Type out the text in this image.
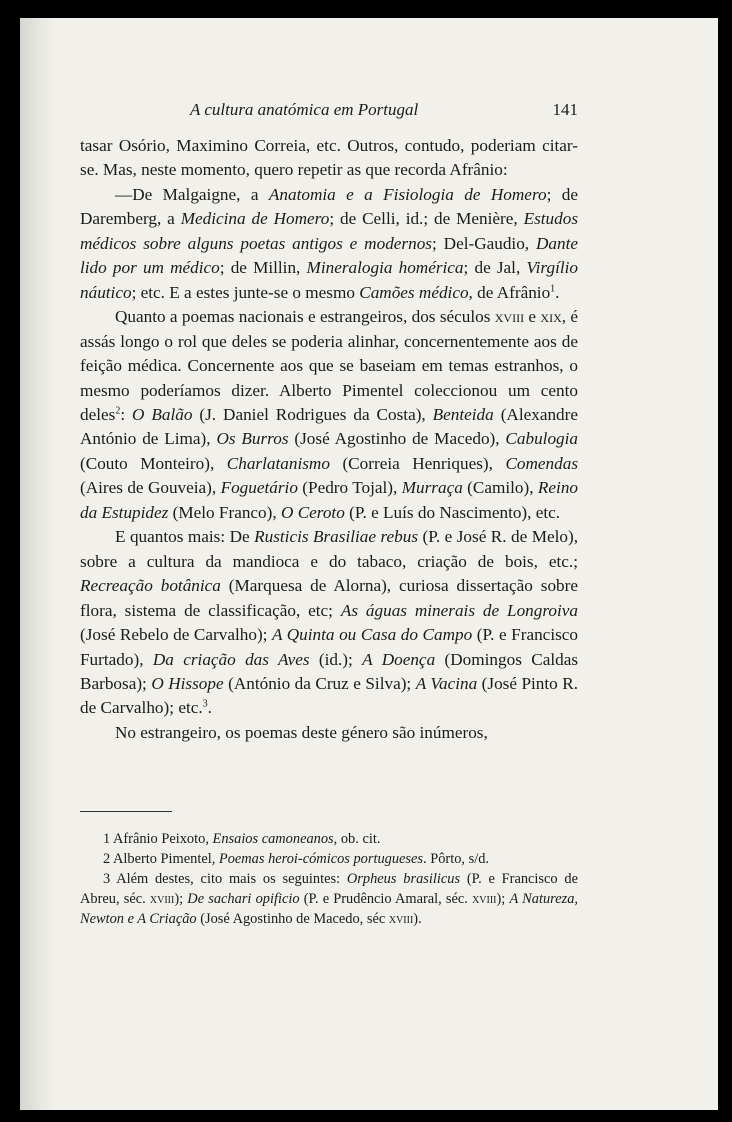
A cultura anatómica em Portugal	141

tasar Osório, Maximino Correia, etc. Outros, contudo, poderiam citar-se. Mas, neste momento, quero repetir as que recorda Afrânio:

—De Malgaigne, a Anatomia e a Fisiologia de Homero; de Daremberg, a Medicina de Homero; de Celli, id.; de Menière, Estudos médicos sobre alguns poetas antigos e modernos; Del-Gaudio, Dante lido por um médico; de Millin, Mineralogia homérica; de Jal, Virgílio náutico; etc. E a estes junte-se o mesmo Camões médico, de Afrânio$^1$.

Quanto a poemas nacionais e estrangeiros, dos séculos xviii e xix, é assás longo o rol que deles se poderia alinhar, concernentemente aos de feição médica. Concernente aos que se baseiam em temas estranhos, o mesmo poderíamos dizer. Alberto Pimentel coleccionou um cento deles$^2$: O Balão (J. Daniel Rodrigues da Costa), Benteida (Alexandre António de Lima), Os Burros (José Agostinho de Macedo), Cabulogia (Couto Monteiro), Charlatanismo (Correia Henriques), Comendas (Aires de Gouveia), Foguetário (Pedro Tojal), Murraça (Camilo), Reino da Estupidez (Melo Franco), O Ceroto (P. e Luís do Nascimento), etc.

E quantos mais: De Rusticis Brasiliae rebus (P. e José R. de Melo), sobre a cultura da mandioca e do tabaco, criação de bois, etc.; Recreação botânica (Marquesa de Alorna), curiosa dissertação sobre flora, sistema de classificação, etc; As águas minerais de Longroiva (José Rebelo de Carvalho); A Quinta ou Casa do Campo (P. e Francisco Furtado), Da criação das Aves (id.); A Doença (Domingos Caldas Barbosa); O Hissope (António da Cruz e Silva); A Vacina (José Pinto R. de Carvalho); etc.$^3$.

No estrangeiro, os poemas deste género são inúmeros,

1 Afrânio Peixoto, Ensaios camoneanos, ob. cit.

2 Alberto Pimentel, Poemas heroi-cómicos portugueses. Pôrto, s/d.

3 Além destes, cito mais os seguintes: Orpheus brasilicus (P. e Francisco de Abreu, séc. xviii); De sachari opificio (P. e Prudêncio Amaral, séc. xviii); A Natureza, Newton e A Criação (José Agostinho de Macedo, séc xviii).
